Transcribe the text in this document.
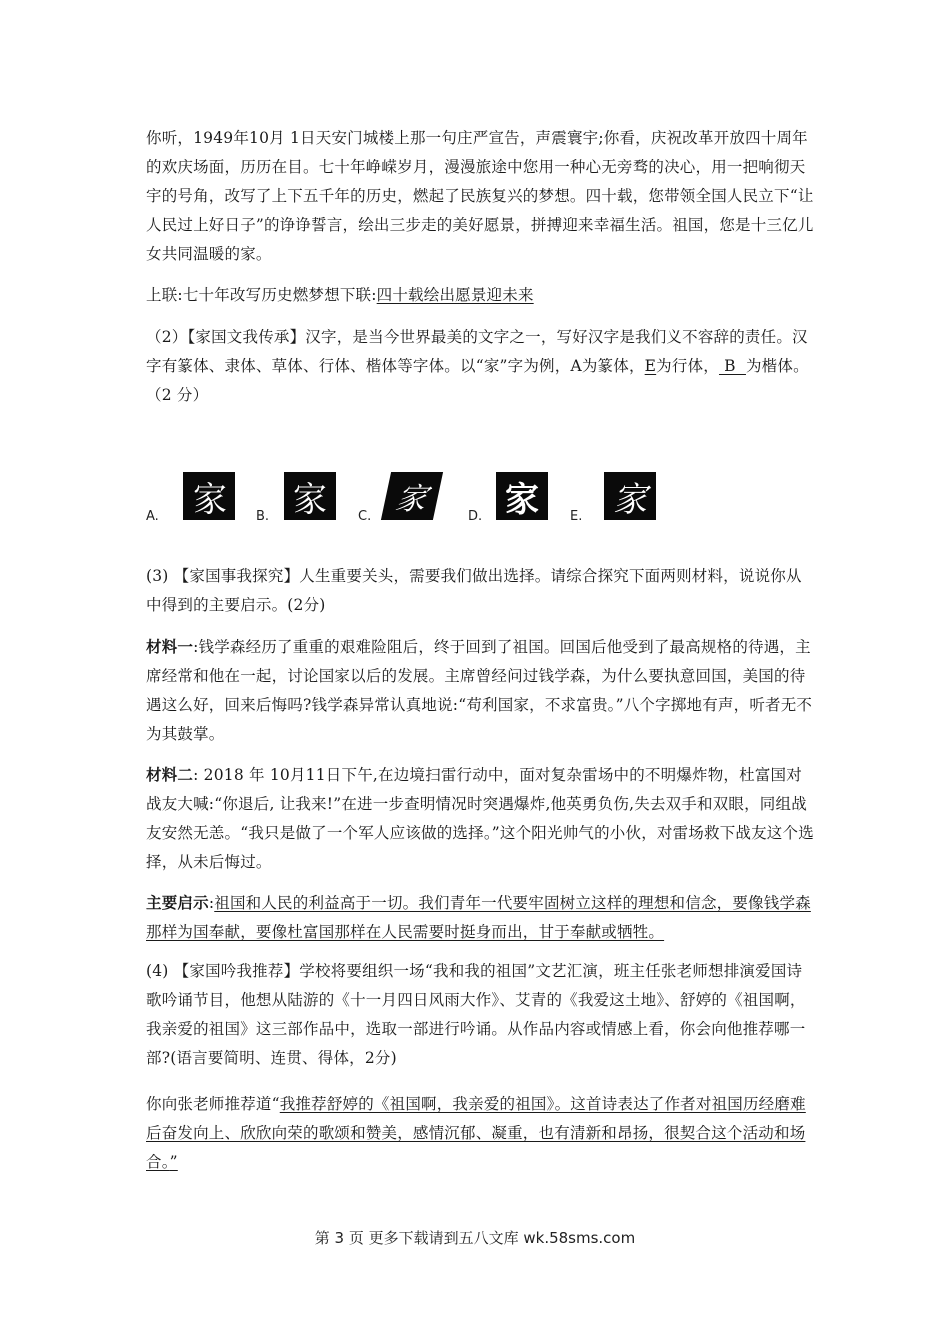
你听，1949年10月 1日天安门城楼上那一句庄严宣告，声震寰宇;你看，庆祝改革开放四十周年的欢庆场面，历历在目。七十年峥嵘岁月，漫漫旅途中您用一种心无旁骛的决心，用一把响彻天宇的号角，改写了上下五千年的历史，燃起了民族复兴的梦想。四十载，您带领全国人民立下“让人民过上好日子”的诤诤誓言，绘出三步走的美好愿景，拼搏迎来幸福生活。祖国，您是十三亿儿女共同温暖的家。

上联:七十年改写历史燃梦想下联:四十载绘出愿景迎未来

（2）【家国文我传承】汉字，是当今世界最美的文字之一，写好汉字是我们义不容辞的责任。汉字有篆体、隶体、草体、行体、楷体等字体。以“家”字为例，A为篆体，E为行体， B  为楷体。（2 分）

A. 家	B. 家	C. 家	D. 家	E. 家

(3) 【家国事我探究】人生重要关头，需要我们做出选择。请综合探究下面两则材料，说说你从中得到的主要启示。(2分)

材料一:钱学森经历了重重的艰难险阻后，终于回到了祖国。回国后他受到了最高规格的待遇，主席经常和他在一起，讨论国家以后的发展。主席曾经问过钱学森，为什么要执意回国，美国的待遇这么好，回来后悔吗?钱学森异常认真地说:“苟利国家，不求富贵。”八个字掷地有声，听者无不为其鼓掌。

材料二: 2018 年 10月11日下午,在边境扫雷行动中，面对复杂雷场中的不明爆炸物，杜富国对战友大喊:“你退后, 让我来!”在进一步查明情况时突遇爆炸,他英勇负伤,失去双手和双眼，同组战友安然无恙。“我只是做了一个军人应该做的选择。”这个阳光帅气的小伙，对雷场救下战友这个选择，从未后悔过。

主要启示:祖国和人民的利益高于一切。我们青年一代要牢固树立这样的理想和信念，要像钱学森那样为国奉献，要像杜富国那样在人民需要时挺身而出，甘于奉献或牺牲。

(4) 【家国吟我推荐】学校将要组织一场“我和我的祖国”文艺汇演，班主任张老师想排演爱国诗歌吟诵节目，他想从陆游的《十一月四日风雨大作》、艾青的《我爱这土地》、舒婷的《祖国啊，我亲爱的祖国》这三部作品中，选取一部进行吟诵。从作品内容或情感上看，你会向他推荐哪一部?(语言要简明、连贯、得体，2分)

你向张老师推荐道“我推荐舒婷的《祖国啊，我亲爱的祖国》。这首诗表达了作者对祖国历经磨难后奋发向上、欣欣向荣的歌颂和赞美，感情沉郁、凝重，也有清新和昂扬，很契合这个活动和场合。”

第 3 页 更多下载请到五八文库 wk.58sms.com
